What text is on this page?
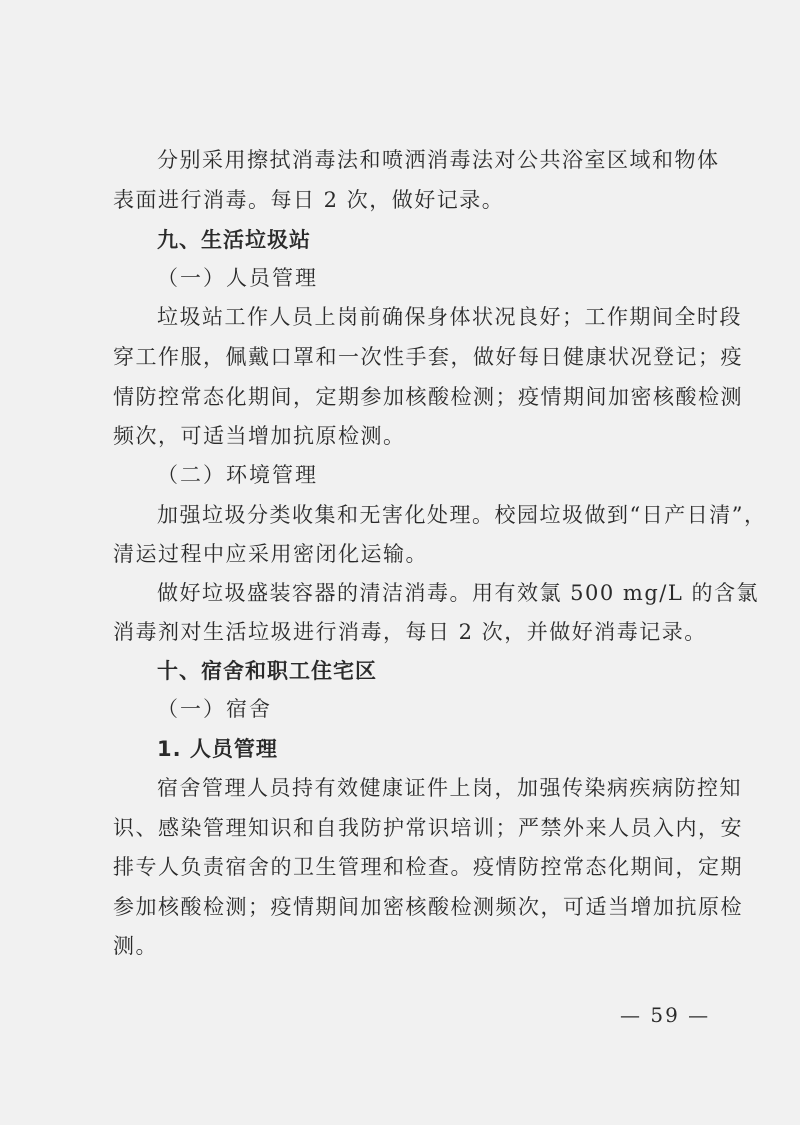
分别采用擦拭消毒法和喷洒消毒法对公共浴室区域和物体
表面进行消毒。每日 2 次，做好记录。
九、生活垃圾站
（一）人员管理
垃圾站工作人员上岗前确保身体状况良好；工作期间全时段
穿工作服，佩戴口罩和一次性手套，做好每日健康状况登记；疫
情防控常态化期间，定期参加核酸检测；疫情期间加密核酸检测
频次，可适当增加抗原检测。
（二）环境管理
加强垃圾分类收集和无害化处理。校园垃圾做到“日产日清”，
清运过程中应采用密闭化运输。
做好垃圾盛装容器的清洁消毒。用有效氯 500 mg/L 的含氯
消毒剂对生活垃圾进行消毒，每日 2 次，并做好消毒记录。
十、宿舍和职工住宅区
（一）宿舍
1. 人员管理
宿舍管理人员持有效健康证件上岗，加强传染病疾病防控知
识、感染管理知识和自我防护常识培训；严禁外来人员入内，安
排专人负责宿舍的卫生管理和检查。疫情防控常态化期间，定期
参加核酸检测；疫情期间加密核酸检测频次，可适当增加抗原检
测。
— 59 —
